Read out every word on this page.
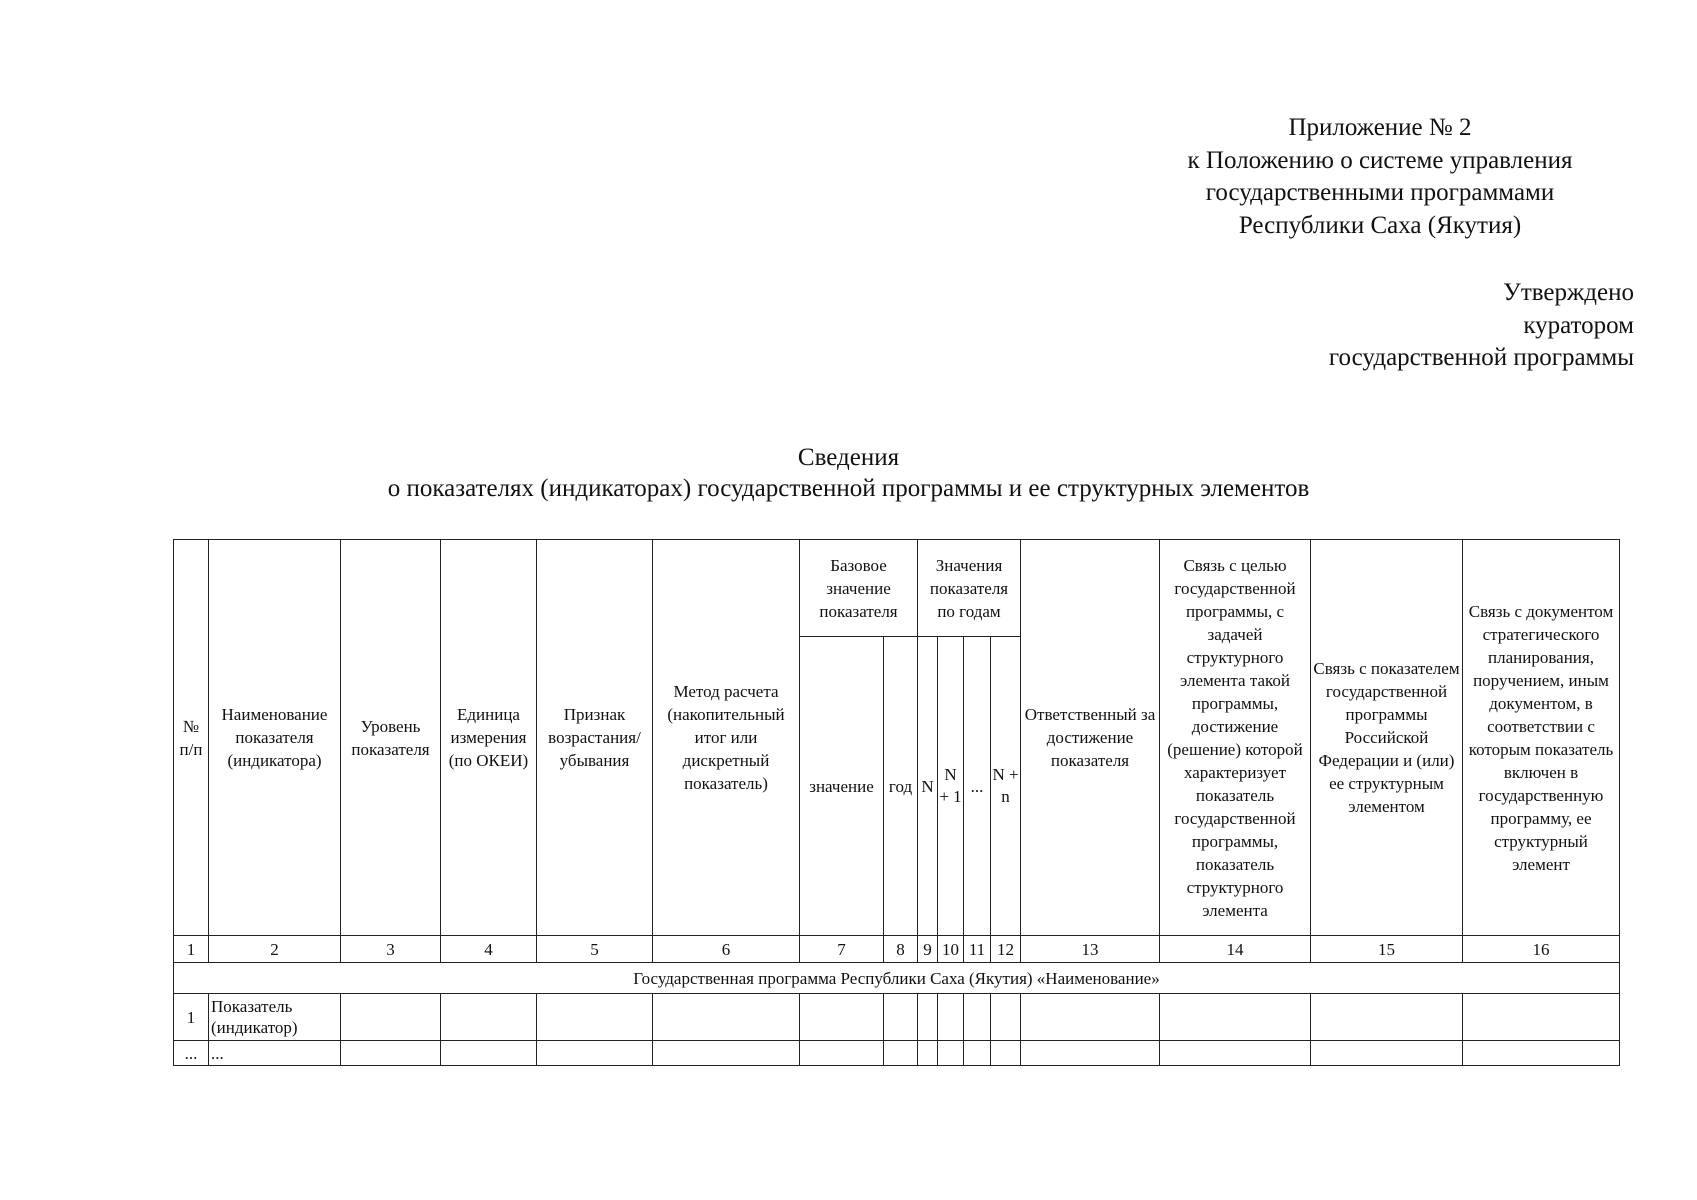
Приложение № 2
к Положению о системе управления
государственными программами
Республики Саха (Якутия)
Утверждено
куратором
государственной программы
Сведения
о показателях (индикаторах) государственной программы и ее структурных элементов
№ п/п	Наименование показателя (индикатора)	Уровень показателя	Единица измерения (по ОКЕИ)	Признак возрастания/ убывания	Метод расчета (накопительный итог или дискретный показатель)	Базовое значение показателя		Значения показателя по годам				Ответственный за достижение показателя	Связь с целью государственной программы, с задачей структурного элемента такой программы, достижение (решение) которой характеризует показатель государственной программы, показатель структурного элемента	Связь с показателем государственной программы Российской Федерации и (или) ее структурным элементом	Связь с документом стратегического планирования, поручением, иным документом, в соответствии с которым показатель включен в государственную программу, ее структурный элемент
						значение	год	N	N + 1	...	N + n				
1	2	3	4	5	6	7	8	9	10	11	12	13	14	15	16
Государственная программа Республики Саха (Якутия) «Наименование»															
1	Показатель (индикатор)														
...	...														
